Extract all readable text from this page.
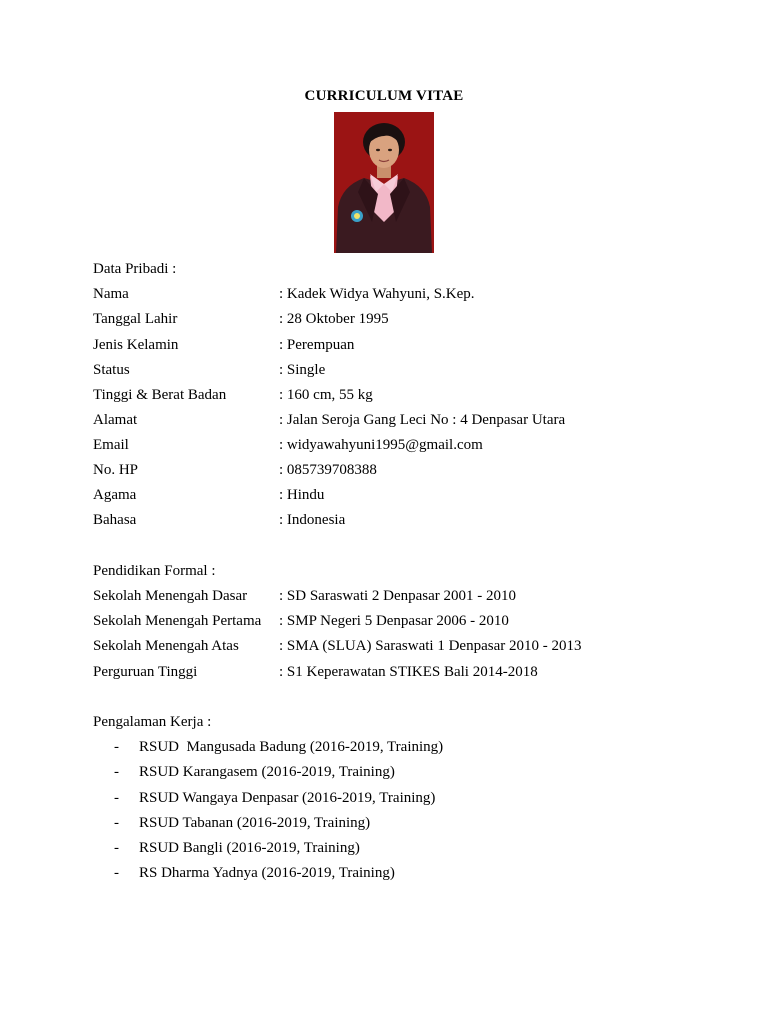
CURRICULUM VITAE
Data Pribadi :
Nama	: Kadek Widya Wahyuni, S.Kep.
Tanggal Lahir	: 28 Oktober 1995
Jenis Kelamin	: Perempuan
Status	: Single
Tinggi & Berat Badan	: 160 cm, 55 kg
Alamat	: Jalan Seroja Gang Leci No : 4 Denpasar Utara
Email	: widyawahyuni1995@gmail.com
No. HP	: 085739708388
Agama	: Hindu
Bahasa	: Indonesia
Pendidikan Formal :
Sekolah Menengah Dasar : SD Saraswati 2 Denpasar 2001 - 2010
Sekolah Menengah Pertama : SMP Negeri 5 Denpasar 2006 - 2010
Sekolah Menengah Atas	: SMA (SLUA) Saraswati 1 Denpasar 2010 - 2013
Perguruan Tinggi	: S1 Keperawatan STIKES Bali 2014-2018
Pengalaman Kerja :
- RSUD  Mangusada Badung (2016-2019, Training)
- RSUD Karangasem (2016-2019, Training)
- RSUD Wangaya Denpasar (2016-2019, Training)
- RSUD Tabanan (2016-2019, Training)
- RSUD Bangli (2016-2019, Training)
- RS Dharma Yadnya (2016-2019, Training)
